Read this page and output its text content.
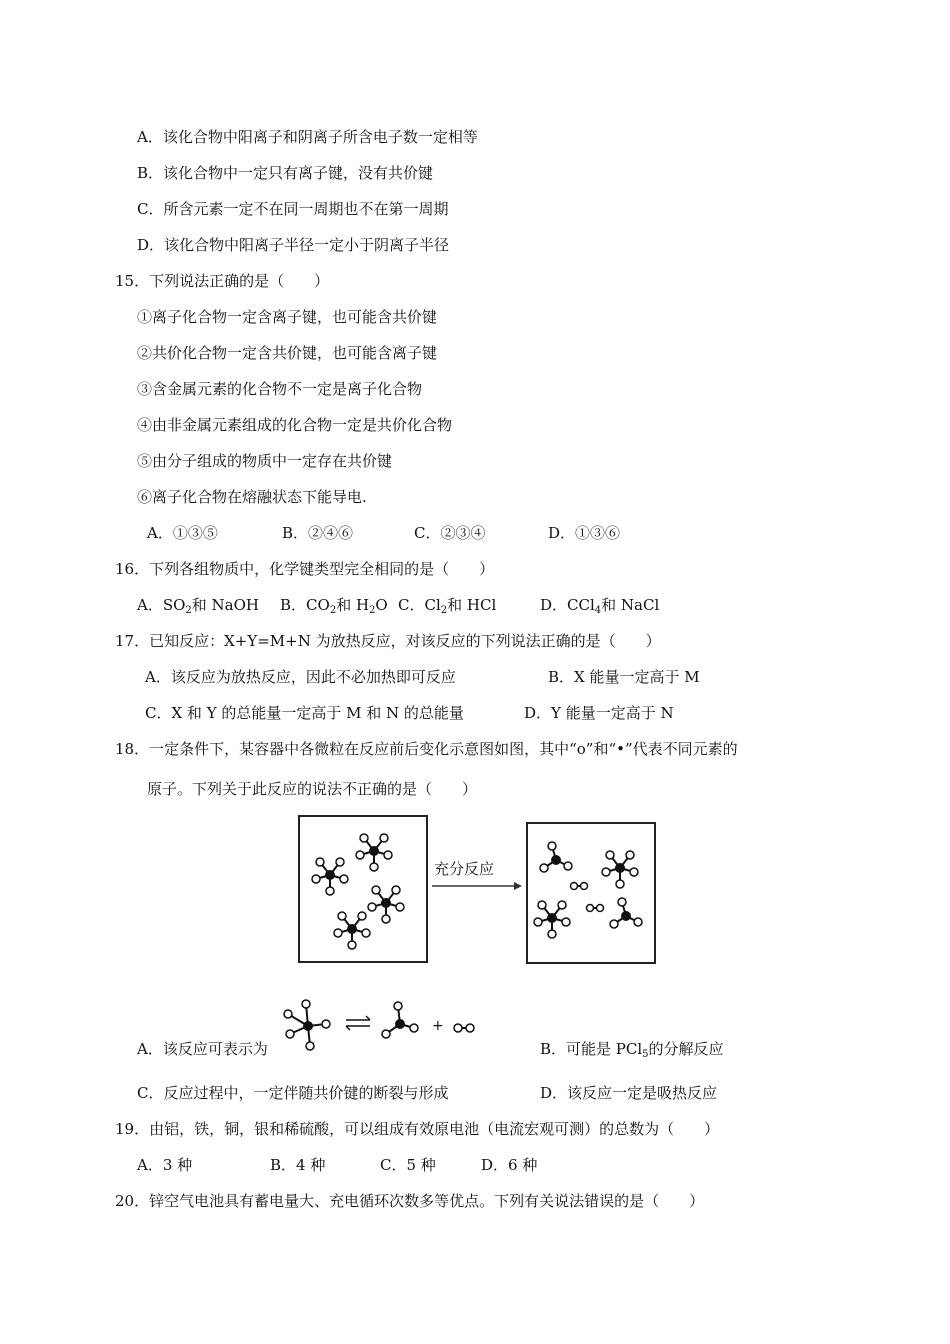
A．该化合物中阳离子和阴离子所含电子数一定相等
B．该化合物中一定只有离子键，没有共价键
C．所含元素一定不在同一周期也不在第一周期
D．该化合物中阳离子半径一定小于阴离子半径
15．下列说法正确的是（　　）
①离子化合物一定含离子键，也可能含共价键
②共价化合物一定含共价键，也可能含离子键
③含金属元素的化合物不一定是离子化合物
④由非金属元素组成的化合物一定是共价化合物
⑤由分子组成的物质中一定存在共价键
⑥离子化合物在熔融状态下能导电.
A．①③⑤	B．②④⑥	C．②③④	D．①③⑥
16．下列各组物质中，化学键类型完全相同的是（　　）
A．$SO_2$和 NaOH B．$CO_2$和 $H_2O$ C．$Cl_2$和 HCl	D．CCl$_4$和 NaCl
17．已知反应：X+Y=M+N 为放热反应，对该反应的下列说法正确的是（　　）
A．该反应为放热反应，因此不必加热即可反应	B．X 能量一定高于 M
C．X 和 Y 的总能量一定高于 M 和 N 的总能量	D．Y 能量一定高于 N
18．一定条件下，某容器中各微粒在反应前后变化示意图如图，其中“o”和“•”代表不同元素的
原子。下列关于此反应的说法不正确的是（　　）
充分反应
+
A．该反应可表示为	B．可能是 PCl$_5$的分解反应
C．反应过程中，一定伴随共价键的断裂与形成	D．该反应一定是吸热反应
19．由铝，铁，铜，银和稀硫酸，可以组成有效原电池（电流宏观可测）的总数为（　　）
A．3 种	B．4 种	C．5 种	D．6 种
20．锌空气电池具有蓄电量大、充电循环次数多等优点。下列有关说法错误的是（　　）
